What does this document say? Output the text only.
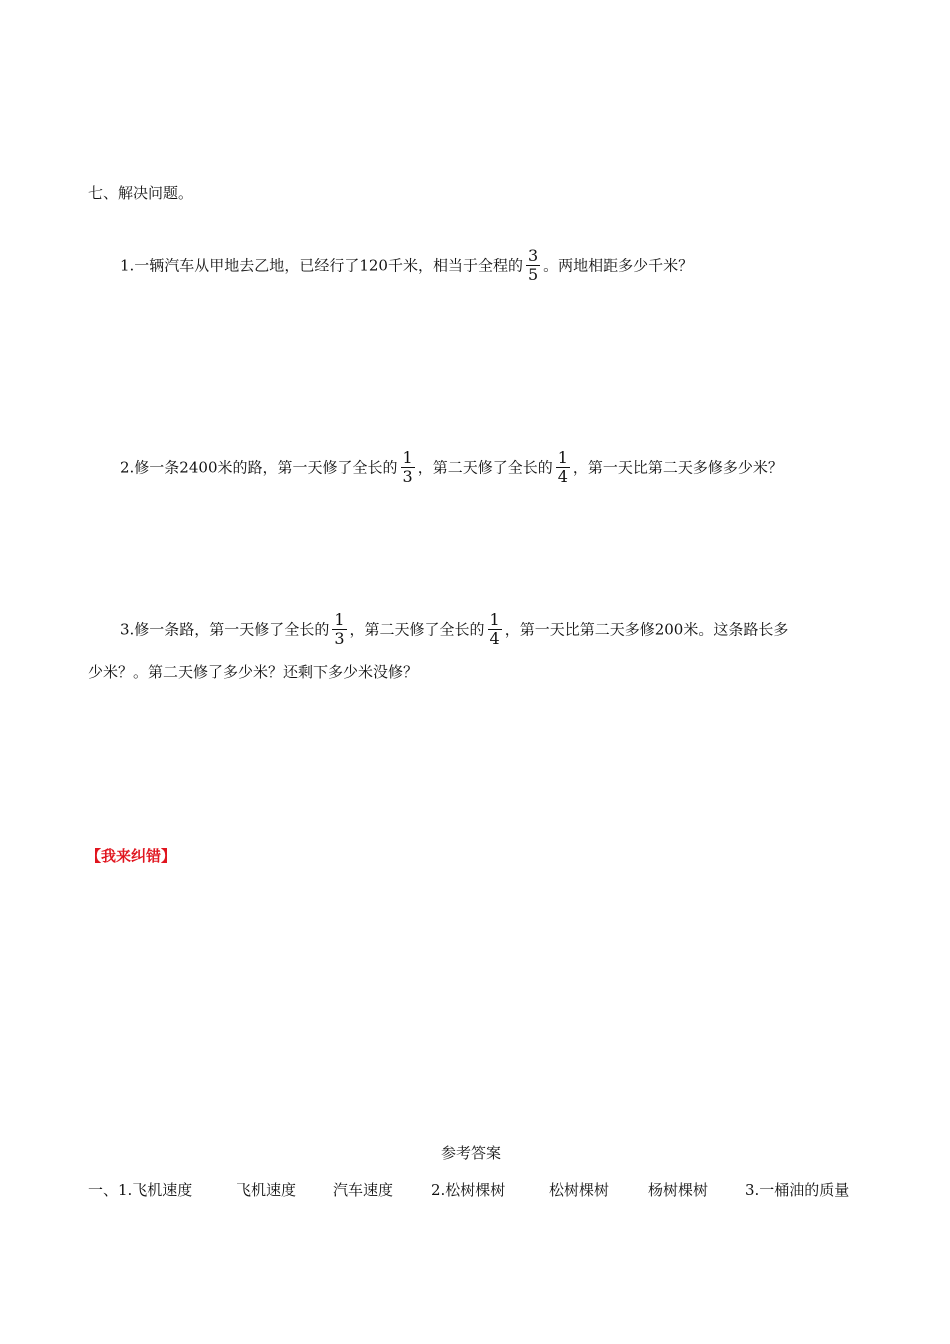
七、解决问题。
1.一辆汽车从甲地去乙地，已经行了120千米，相当于全程的 $\frac{3}{5}$ 。两地相距多少千米？
2.修一条2400米的路，第一天修了全长的 $\frac{1}{3}$ ，第二天修了全长的 $\frac{1}{4}$ ，第一天比第二天多修多少米？
3.修一条路，第一天修了全长的 $\frac{1}{3}$ ，第二天修了全长的 $\frac{1}{4}$ ，第一天比第二天多修200米。这条路长多
少米？。第二天修了多少米？还剩下多少米没修？
【我来纠错】
参考答案
一、1.飞机速度	飞机速度 汽车速度	2.松树棵树	松树棵树	杨树棵树 3.一桶油的质量
